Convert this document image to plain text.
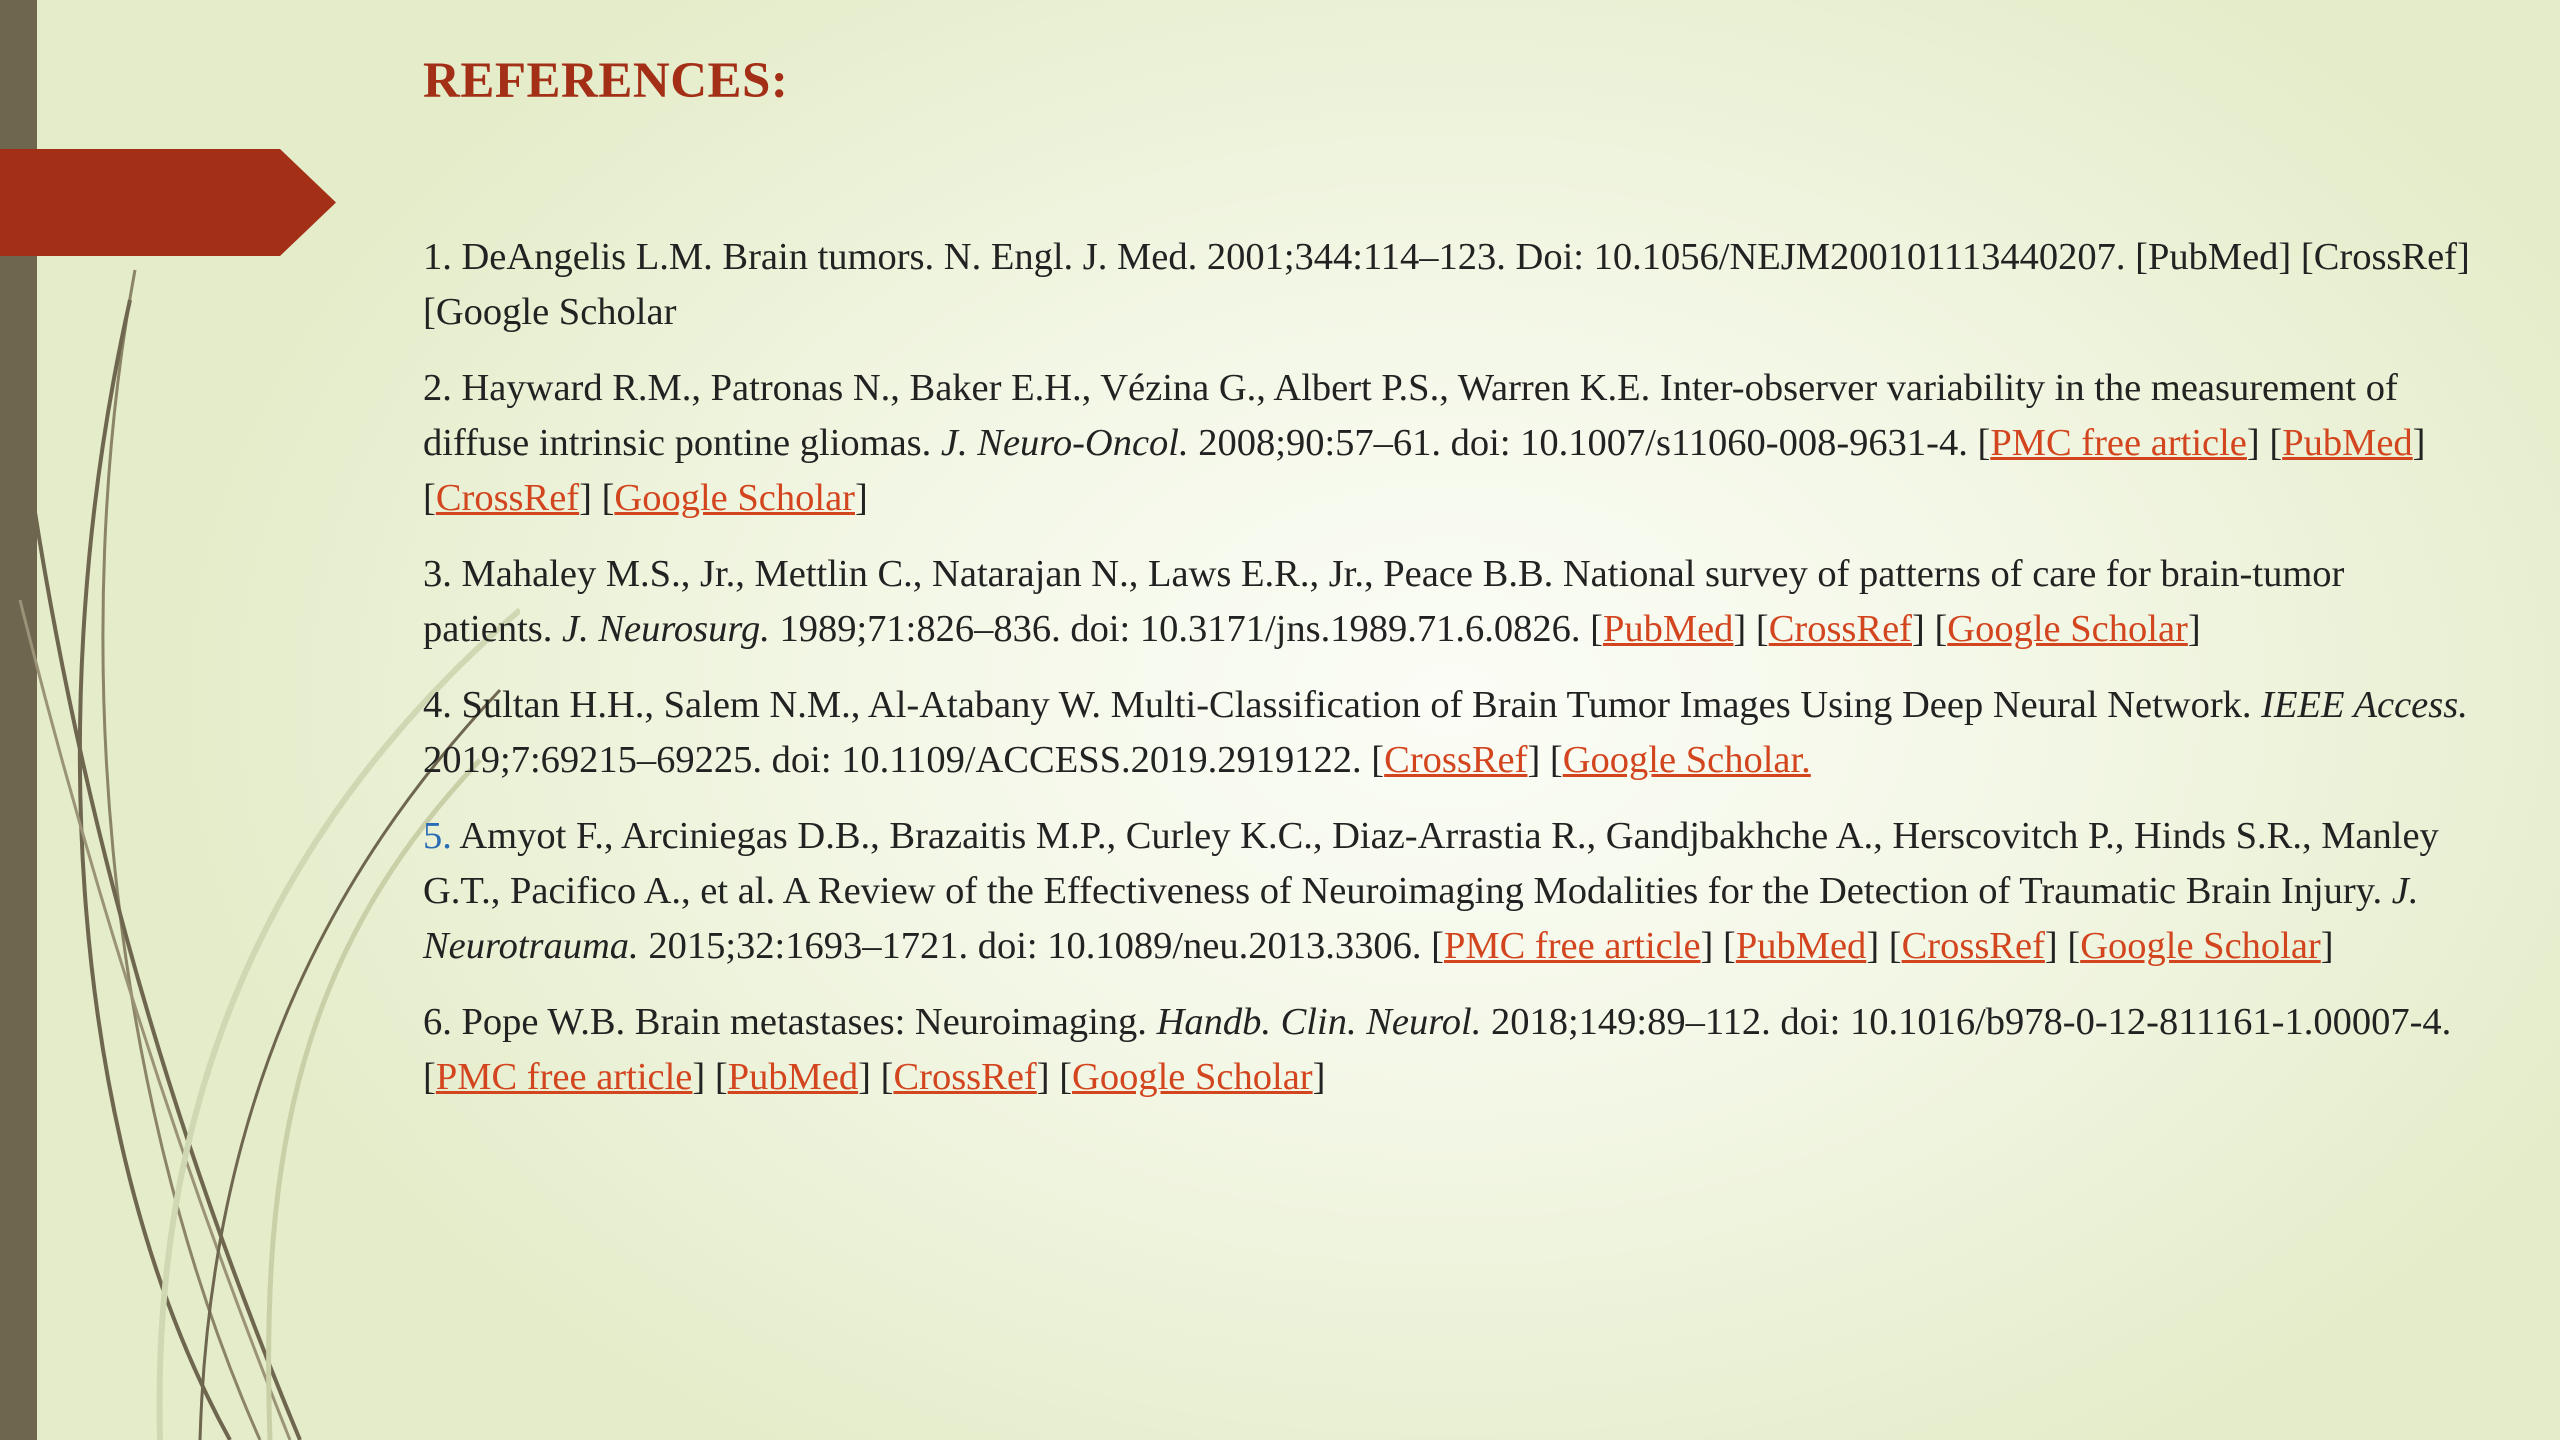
REFERENCES:

1. DeAngelis L.M. Brain tumors. N. Engl. J. Med. 2001;344:114–123. Doi: 10.1056/NEJM200101113440207. [PubMed] [CrossRef] [Google Scholar

2. Hayward R.M., Patronas N., Baker E.H., Vézina G., Albert P.S., Warren K.E. Inter-observer variability in the measurement of diffuse intrinsic pontine gliomas. J. Neuro-Oncol. 2008;90:57–61. doi: 10.1007/s11060-008-9631-4. [PMC free article] [PubMed] [CrossRef] [Google Scholar]

3. Mahaley M.S., Jr., Mettlin C., Natarajan N., Laws E.R., Jr., Peace B.B. National survey of patterns of care for brain-tumor patients. J. Neurosurg. 1989;71:826–836. doi: 10.3171/jns.1989.71.6.0826. [PubMed] [CrossRef] [Google Scholar]

4. Sultan H.H., Salem N.M., Al-Atabany W. Multi-Classification of Brain Tumor Images Using Deep Neural Network. IEEE Access. 2019;7:69215–69225. doi: 10.1109/ACCESS.2019.2919122. [CrossRef] [Google Scholar.

5. Amyot F., Arciniegas D.B., Brazaitis M.P., Curley K.C., Diaz-Arrastia R., Gandjbakhche A., Herscovitch P., Hinds S.R., Manley G.T., Pacifico A., et al. A Review of the Effectiveness of Neuroimaging Modalities for the Detection of Traumatic Brain Injury. J. Neurotrauma. 2015;32:1693–1721. doi: 10.1089/neu.2013.3306. [PMC free article] [PubMed] [CrossRef] [Google Scholar]

6. Pope W.B. Brain metastases: Neuroimaging. Handb. Clin. Neurol. 2018;149:89–112. doi: 10.1016/b978-0-12-811161-1.00007-4. [PMC free article] [PubMed] [CrossRef] [Google Scholar]
